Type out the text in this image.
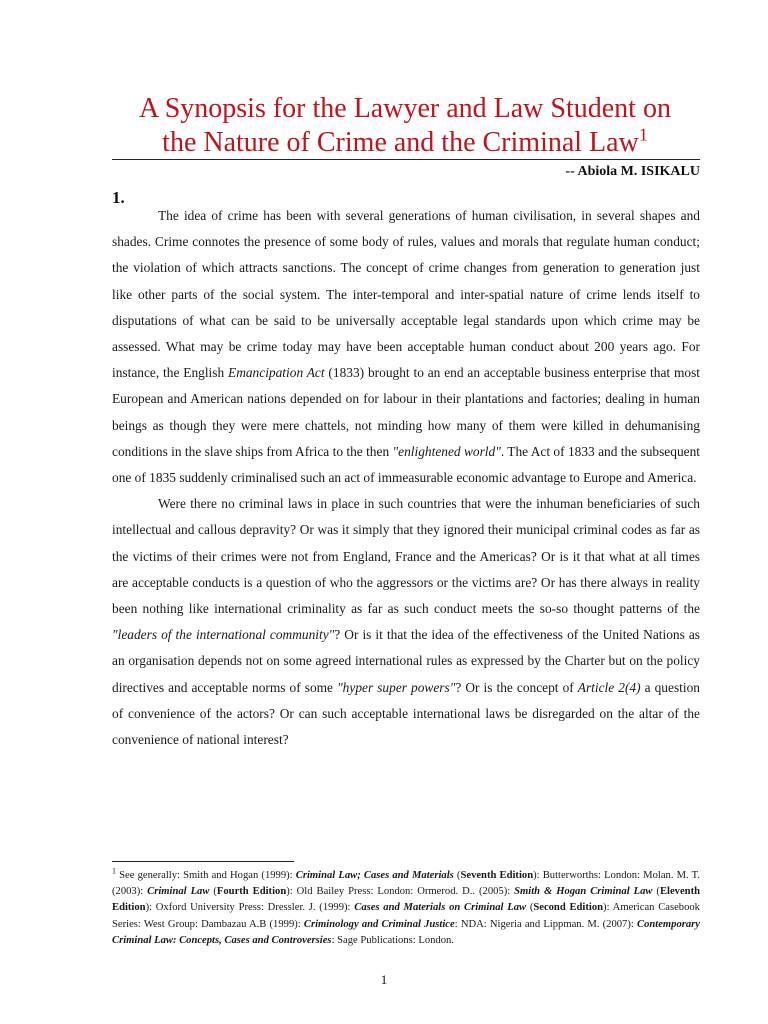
A Synopsis for the Lawyer and Law Student on
the Nature of Crime and the Criminal Law$^1$
-- Abiola M. ISIKALU
1.

The idea of crime has been with several generations of human civilisation, in several shapes and shades. Crime connotes the presence of some body of rules, values and morals that regulate human conduct; the violation of which attracts sanctions. The concept of crime changes from generation to generation just like other parts of the social system. The inter-temporal and inter-spatial nature of crime lends itself to disputations of what can be said to be universally acceptable legal standards upon which crime may be assessed. What may be crime today may have been acceptable human conduct about 200 years ago. For instance, the English Emancipation Act (1833) brought to an end an acceptable business enterprise that most European and American nations depended on for labour in their plantations and factories; dealing in human beings as though they were mere chattels, not minding how many of them were killed in dehumanising conditions in the slave ships from Africa to the then "enlightened world". The Act of 1833 and the subsequent one of 1835 suddenly criminalised such an act of immeasurable economic advantage to Europe and America.

Were there no criminal laws in place in such countries that were the inhuman beneficiaries of such intellectual and callous depravity? Or was it simply that they ignored their municipal criminal codes as far as the victims of their crimes were not from England, France and the Americas? Or is it that what at all times are acceptable conducts is a question of who the aggressors or the victims are? Or has there always in reality been nothing like international criminality as far as such conduct meets the so-so thought patterns of the "leaders of the international community"? Or is it that the idea of the effectiveness of the United Nations as an organisation depends not on some agreed international rules as expressed by the Charter but on the policy directives and acceptable norms of some "hyper super powers"? Or is the concept of Article 2(4) a question of convenience of the actors? Or can such acceptable international laws be disregarded on the altar of the convenience of national interest?

$^1$ See generally: Smith and Hogan (1999): Criminal Law; Cases and Materials (Seventh Edition): Butterworths: London: Molan. M. T. (2003): Criminal Law (Fourth Edition): Old Bailey Press: London: Ormerod. D.. (2005): Smith & Hogan Criminal Law (Eleventh Edition): Oxford University Press: Dressler. J. (1999): Cases and Materials on Criminal Law (Second Edition): American Casebook Series: West Group: Dambazau A.B (1999): Criminology and Criminal Justice: NDA: Nigeria and Lippman. M. (2007): Contemporary Criminal Law: Concepts, Cases and Controversies: Sage Publications: London.
1
